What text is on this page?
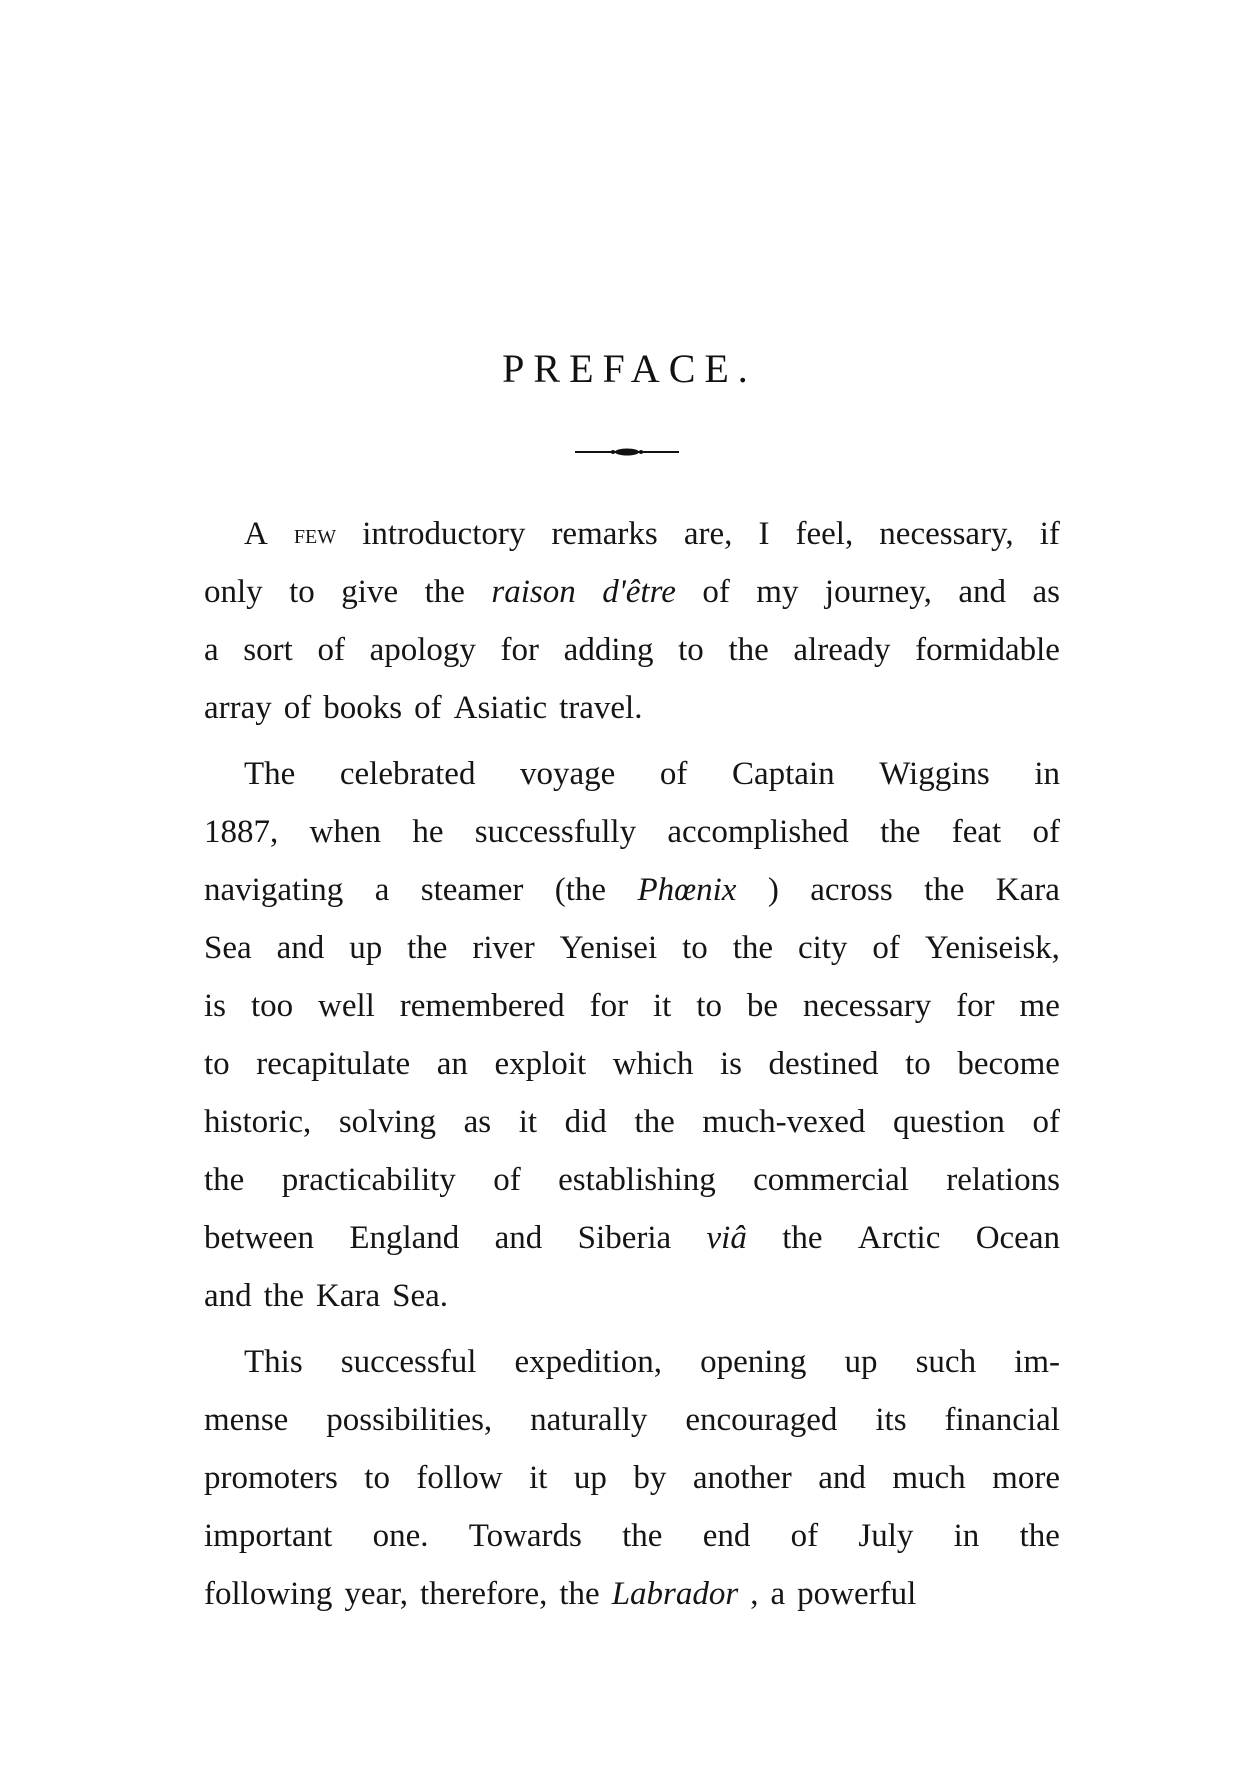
PREFACE.
A few introductory remarks are, I feel, necessary, if
only to give the raison d'être of my journey, and as
a sort of apology for adding to the already formidable
array of books of Asiatic travel.
The celebrated voyage of Captain Wiggins in
1887, when he successfully accomplished the feat of
navigating a steamer (the Phœnix ) across the Kara
Sea and up the river Yenisei to the city of Yeniseisk,
is too well remembered for it to be necessary for me
to recapitulate an exploit which is destined to become
historic, solving as it did the much-vexed question of
the practicability of establishing commercial relations
between England and Siberia viâ the Arctic Ocean
and the Kara Sea.
This successful expedition, opening up such im-
mense possibilities, naturally encouraged its financial
promoters to follow it up by another and much more
important one. Towards the end of July in the
following year, therefore, the Labrador , a powerful
